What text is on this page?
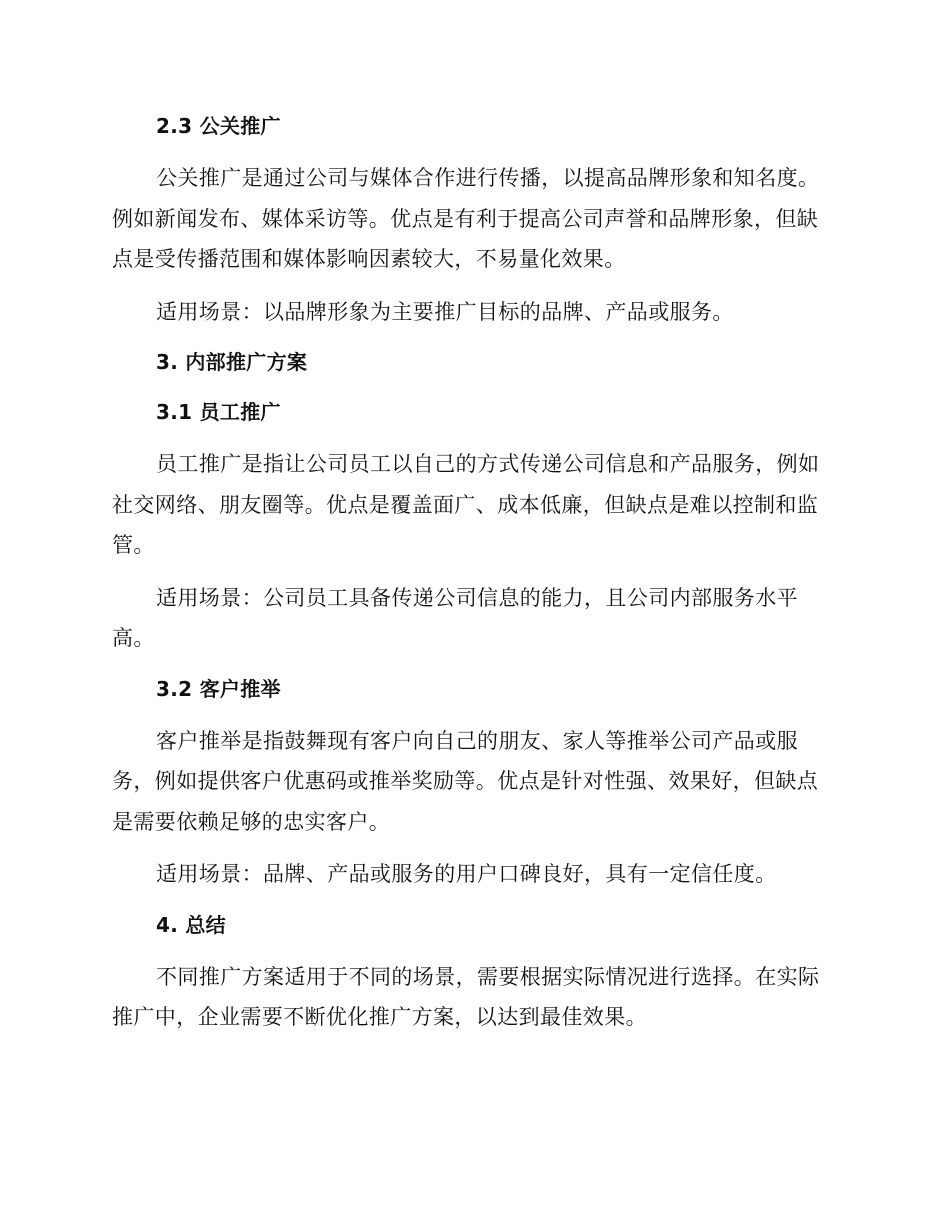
2.3 公关推广
公关推广是通过公司与媒体合作进行传播，以提高品牌形象和知名度。
例如新闻发布、媒体采访等。优点是有利于提高公司声誉和品牌形象，但缺
点是受传播范围和媒体影响因素较大，不易量化效果。
适用场景：以品牌形象为主要推广目标的品牌、产品或服务。
3. 内部推广方案
3.1 员工推广
员工推广是指让公司员工以自己的方式传递公司信息和产品服务，例如
社交网络、朋友圈等。优点是覆盖面广、成本低廉，但缺点是难以控制和监
管。
适用场景：公司员工具备传递公司信息的能力，且公司内部服务水平
高。
3.2 客户推举
客户推举是指鼓舞现有客户向自己的朋友、家人等推举公司产品或服
务，例如提供客户优惠码或推举奖励等。优点是针对性强、效果好，但缺点
是需要依赖足够的忠实客户。
适用场景：品牌、产品或服务的用户口碑良好，具有一定信任度。
4. 总结
不同推广方案适用于不同的场景，需要根据实际情况进行选择。在实际
推广中，企业需要不断优化推广方案，以达到最佳效果。
